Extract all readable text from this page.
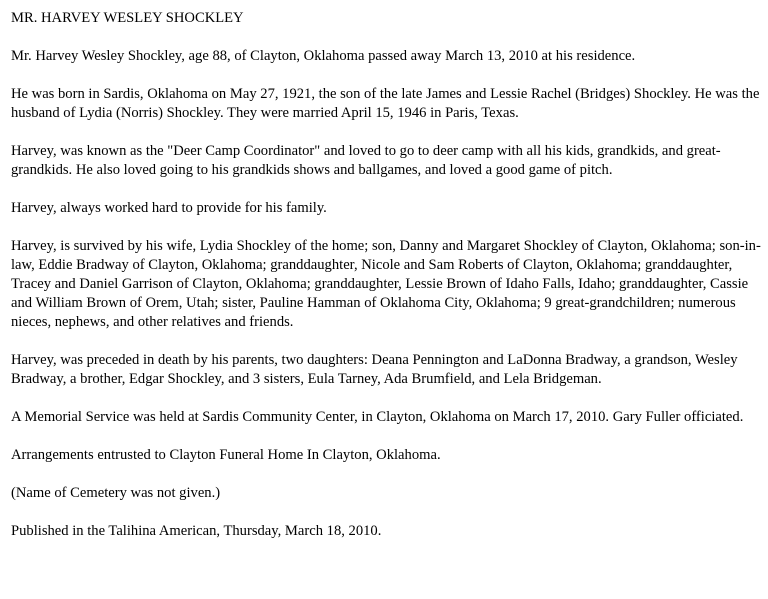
MR. HARVEY WESLEY SHOCKLEY

Mr. Harvey Wesley Shockley, age 88, of Clayton, Oklahoma passed away March 13, 2010 at his residence.

He was born in Sardis, Oklahoma on May 27, 1921, the son of the late James and Lessie Rachel (Bridges) Shockley. He was the husband of Lydia (Norris) Shockley. They were married April 15, 1946 in Paris, Texas.

Harvey, was known as the "Deer Camp Coordinator" and loved to go to deer camp with all his kids, grandkids, and great-grandkids. He also loved going to his grandkids shows and ballgames, and loved a good game of pitch.

Harvey, always worked hard to provide for his family.

Harvey, is survived by his wife, Lydia Shockley of the home; son, Danny and Margaret Shockley of Clayton, Oklahoma; son-in-law, Eddie Bradway of Clayton, Oklahoma; granddaughter, Nicole and Sam Roberts of Clayton, Oklahoma; granddaughter, Tracey and Daniel Garrison of Clayton, Oklahoma; granddaughter, Lessie Brown of Idaho Falls, Idaho; granddaughter, Cassie and William Brown of Orem, Utah; sister, Pauline Hamman of Oklahoma City, Oklahoma; 9 great-grandchildren; numerous nieces, nephews, and other relatives and friends.

Harvey, was preceded in death by his parents, two daughters: Deana Pennington and LaDonna Bradway, a grandson, Wesley Bradway, a brother, Edgar Shockley, and 3 sisters, Eula Tarney, Ada Brumfield, and Lela Bridgeman.

A Memorial Service was held at Sardis Community Center, in Clayton, Oklahoma on March 17, 2010. Gary Fuller officiated.

Arrangements entrusted to Clayton Funeral Home In Clayton, Oklahoma.

(Name of Cemetery was not given.)

Published in the Talihina American, Thursday, March 18, 2010.
